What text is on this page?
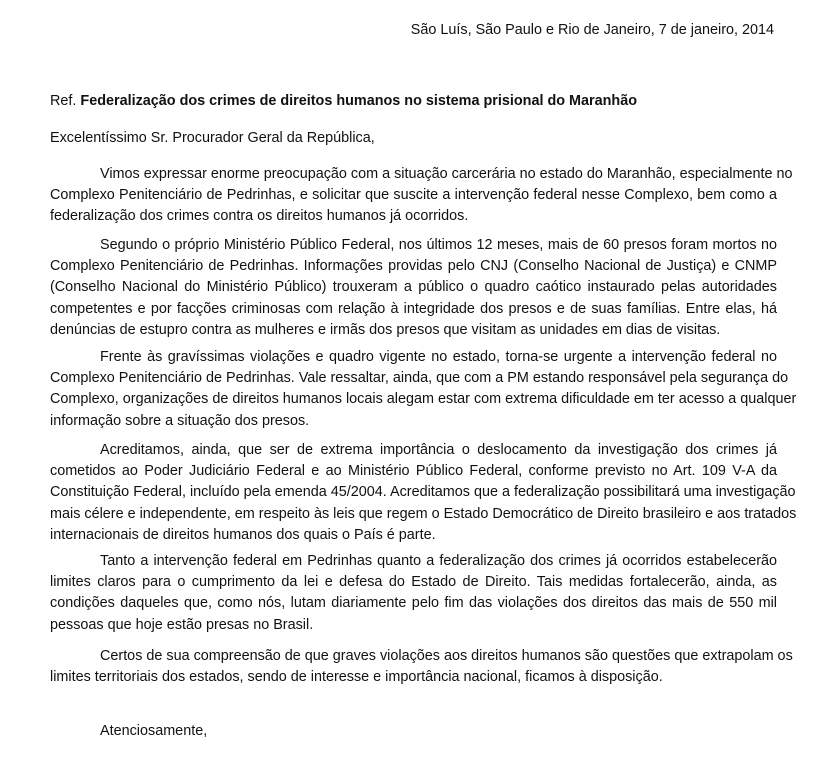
São Luís, São Paulo e Rio de Janeiro, 7 de janeiro, 2014
Ref. Federalização dos crimes de direitos humanos no sistema prisional do Maranhão
Excelentíssimo Sr. Procurador Geral da República,

Vimos expressar enorme preocupação com a situação carcerária no estado do Maranhão, especialmente no
Complexo Penitenciário de Pedrinhas, e solicitar que suscite a intervenção federal nesse Complexo, bem como a
federalização dos crimes contra os direitos humanos já ocorridos.

Segundo o próprio Ministério Público Federal, nos últimos 12 meses, mais de 60 presos foram mortos no
Complexo Penitenciário de Pedrinhas. Informações providas pelo CNJ (Conselho Nacional de Justiça) e CNMP
(Conselho Nacional do Ministério Público) trouxeram a público o quadro caótico instaurado pelas autoridades
competentes e por facções criminosas com relação à integridade dos presos e de suas famílias. Entre elas, há
denúncias de estupro contra as mulheres e irmãs dos presos que visitam as unidades em dias de visitas.

Frente às gravíssimas violações e quadro vigente no estado, torna-se urgente a intervenção federal no
Complexo Penitenciário de Pedrinhas. Vale ressaltar, ainda, que com a PM estando responsável pela segurança do
Complexo, organizações de direitos humanos locais alegam estar com extrema dificuldade em ter acesso a qualquer
informação sobre a situação dos presos.

Acreditamos, ainda, que ser de extrema importância o deslocamento da investigação dos crimes já
cometidos ao Poder Judiciário Federal e ao Ministério Público Federal, conforme previsto no Art. 109 V-A da
Constituição Federal, incluído pela emenda 45/2004. Acreditamos que a federalização possibilitará uma investigação
mais célere e independente, em respeito às leis que regem o Estado Democrático de Direito brasileiro e aos tratados
internacionais de direitos humanos dos quais o País é parte.

Tanto a intervenção federal em Pedrinhas quanto a federalização dos crimes já ocorridos estabelecerão
limites claros para o cumprimento da lei e defesa do Estado de Direito. Tais medidas fortalecerão, ainda, as
condições daqueles que, como nós, lutam diariamente pelo fim das violações dos direitos das mais de 550 mil
pessoas que hoje estão presas no Brasil.

Certos de sua compreensão de que graves violações aos direitos humanos são questões que extrapolam os
limites territoriais dos estados, sendo de interesse e importância nacional, ficamos à disposição.

Atenciosamente,
